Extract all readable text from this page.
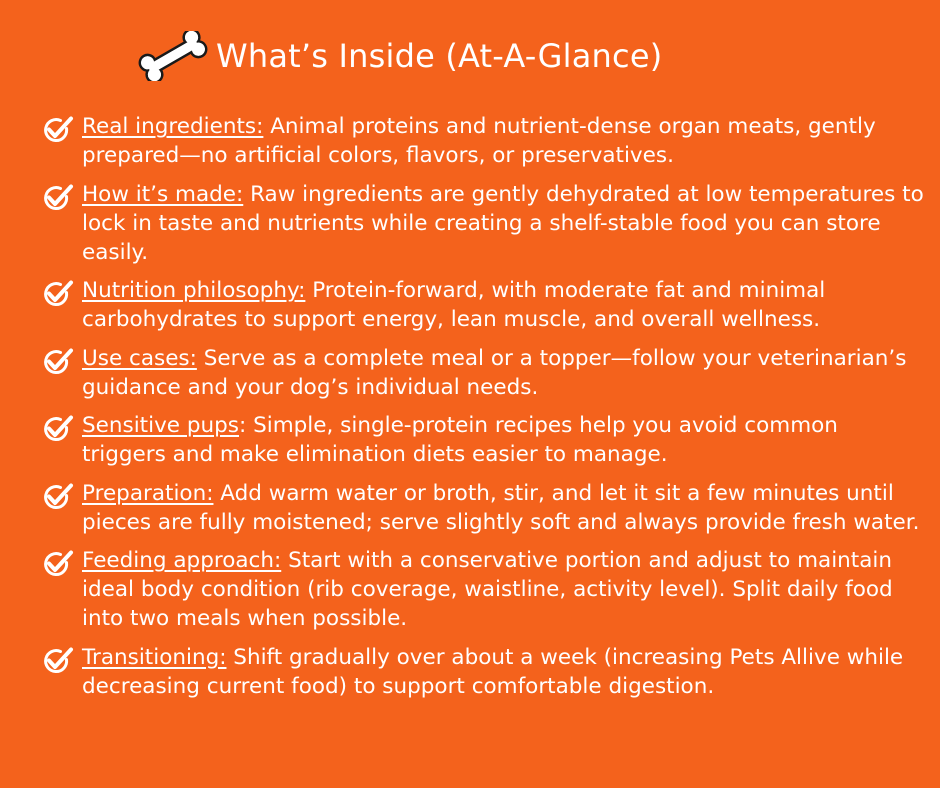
What’s Inside (At-A-Glance)
Real ingredients: Animal proteins and nutrient-dense organ meats, gently prepared—no artificial colors, flavors, or preservatives.
How it’s made: Raw ingredients are gently dehydrated at low temperatures to lock in taste and nutrients while creating a shelf-stable food you can store easily.
Nutrition philosophy: Protein-forward, with moderate fat and minimal carbohydrates to support energy, lean muscle, and overall wellness.
Use cases: Serve as a complete meal or a topper—follow your veterinarian’s guidance and your dog’s individual needs.
Sensitive pups: Simple, single-protein recipes help you avoid common triggers and make elimination diets easier to manage.
Preparation: Add warm water or broth, stir, and let it sit a few minutes until pieces are fully moistened; serve slightly soft and always provide fresh water.
Feeding approach: Start with a conservative portion and adjust to maintain ideal body condition (rib coverage, waistline, activity level). Split daily food into two meals when possible.
Transitioning: Shift gradually over about a week (increasing Pets Allive while decreasing current food) to support comfortable digestion.
